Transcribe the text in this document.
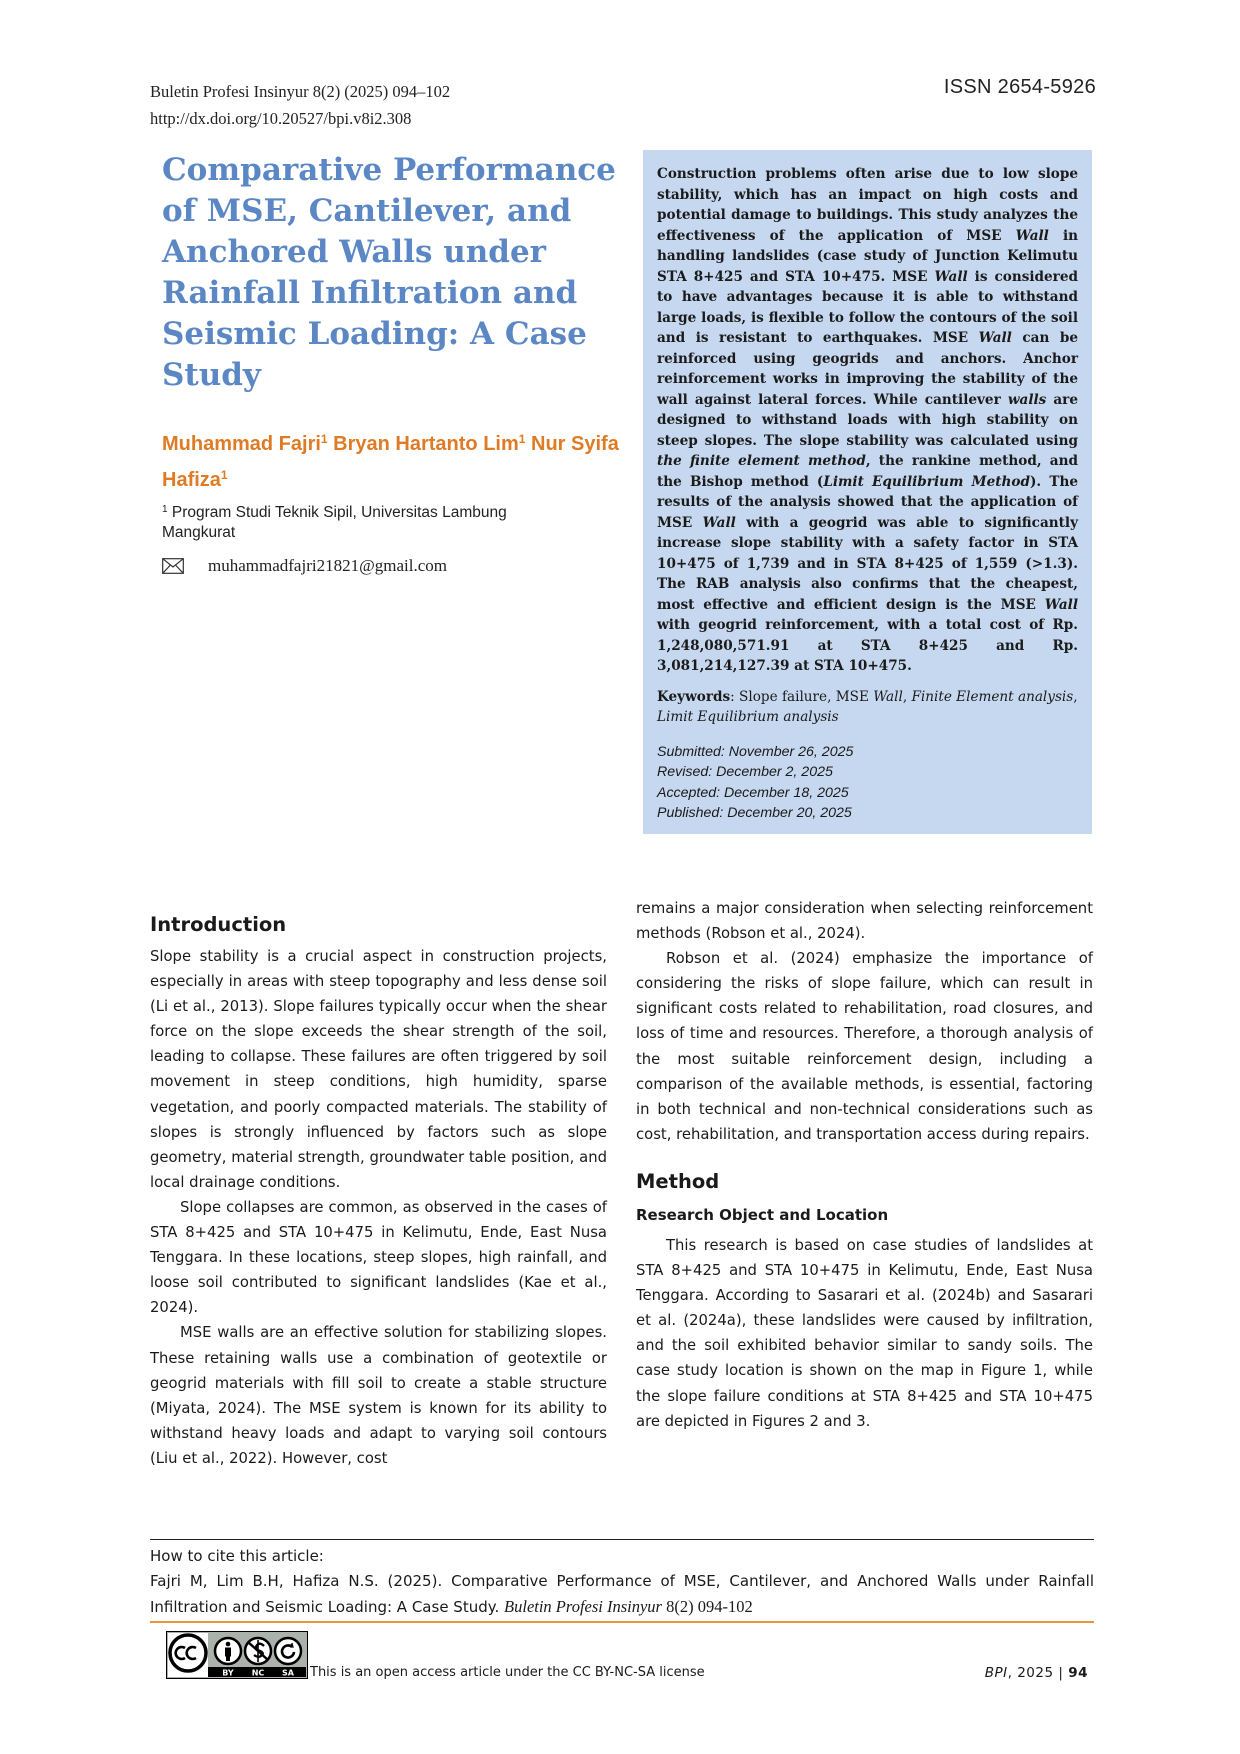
Buletin Profesi Insinyur 8(2) (2025) 094–102
http://dx.doi.org/10.20527/bpi.v8i2.308
ISSN 2654-5926
Comparative Performance of MSE, Cantilever, and Anchored Walls under Rainfall Infiltration and Seismic Loading: A Case Study
Muhammad Fajri$^1$ Bryan Hartanto Lim$^1$ Nur Syifa Hafiza$^1$
$^1$ Program Studi Teknik Sipil, Universitas Lambung Mangkurat
muhammadfajri21821@gmail.com

Construction problems often arise due to low slope stability, which has an impact on high costs and potential damage to buildings. This study analyzes the effectiveness of the application of MSE Wall in handling landslides (case study of Junction Kelimutu STA 8+425 and STA 10+475. MSE Wall is considered to have advantages because it is able to withstand large loads, is flexible to follow the contours of the soil and is resistant to earthquakes. MSE Wall can be reinforced using geogrids and anchors. Anchor reinforcement works in improving the stability of the wall against lateral forces. While cantilever walls are designed to withstand loads with high stability on steep slopes. The slope stability was calculated using the finite element method, the rankine method, and the Bishop method (Limit Equilibrium Method). The results of the analysis showed that the application of MSE Wall with a geogrid was able to significantly increase slope stability with a safety factor in STA 10+475 of 1,739 and in STA 8+425 of 1,559 (>1.3). The RAB analysis also confirms that the cheapest, most effective and efficient design is the MSE Wall with geogrid reinforcement, with a total cost of Rp. 1,248,080,571.91 at STA 8+425 and Rp. 3,081,214,127.39 at STA 10+475.

Keywords: Slope failure, MSE Wall, Finite Element analysis, Limit Equilibrium analysis

Submitted: November 26, 2025
Revised: December 2, 2025
Accepted: December 18, 2025
Published: December 20, 2025
Introduction

Slope stability is a crucial aspect in construction projects, especially in areas with steep topography and less dense soil (Li et al., 2013). Slope failures typically occur when the shear force on the slope exceeds the shear strength of the soil, leading to collapse. These failures are often triggered by soil movement in steep conditions, high humidity, sparse vegetation, and poorly compacted materials. The stability of slopes is strongly influenced by factors such as slope geometry, material strength, groundwater table position, and local drainage conditions.

Slope collapses are common, as observed in the cases of STA 8+425 and STA 10+475 in Kelimutu, Ende, East Nusa Tenggara. In these locations, steep slopes, high rainfall, and loose soil contributed to significant landslides (Kae et al., 2024).

MSE walls are an effective solution for stabilizing slopes. These retaining walls use a combination of geotextile or geogrid materials with fill soil to create a stable structure (Miyata, 2024). The MSE system is known for its ability to withstand heavy loads and adapt to varying soil contours (Liu et al., 2022). However, cost

remains a major consideration when selecting reinforcement methods (Robson et al., 2024).

Robson et al. (2024) emphasize the importance of considering the risks of slope failure, which can result in significant costs related to rehabilitation, road closures, and loss of time and resources. Therefore, a thorough analysis of the most suitable reinforcement design, including a comparison of the available methods, is essential, factoring in both technical and non-technical considerations such as cost, rehabilitation, and transportation access during repairs.

Method
Research Object and Location

This research is based on case studies of landslides at STA 8+425 and STA 10+475 in Kelimutu, Ende, East Nusa Tenggara. According to Sasarari et al. (2024b) and Sasarari et al. (2024a), these landslides were caused by infiltration, and the soil exhibited behavior similar to sandy soils. The case study location is shown on the map in Figure 1, while the slope failure conditions at STA 8+425 and STA 10+475 are depicted in Figures 2 and 3.

How to cite this article:
Fajri M, Lim B.H, Hafiza N.S. (2025). Comparative Performance of MSE, Cantilever, and Anchored Walls under Rainfall Infiltration and Seismic Loading: A Case Study. Buletin Profesi Insinyur 8(2) 094-102
BY NC SA This is an open access article under the CC BY-NC-SA license	BPI, 2025 | 94
